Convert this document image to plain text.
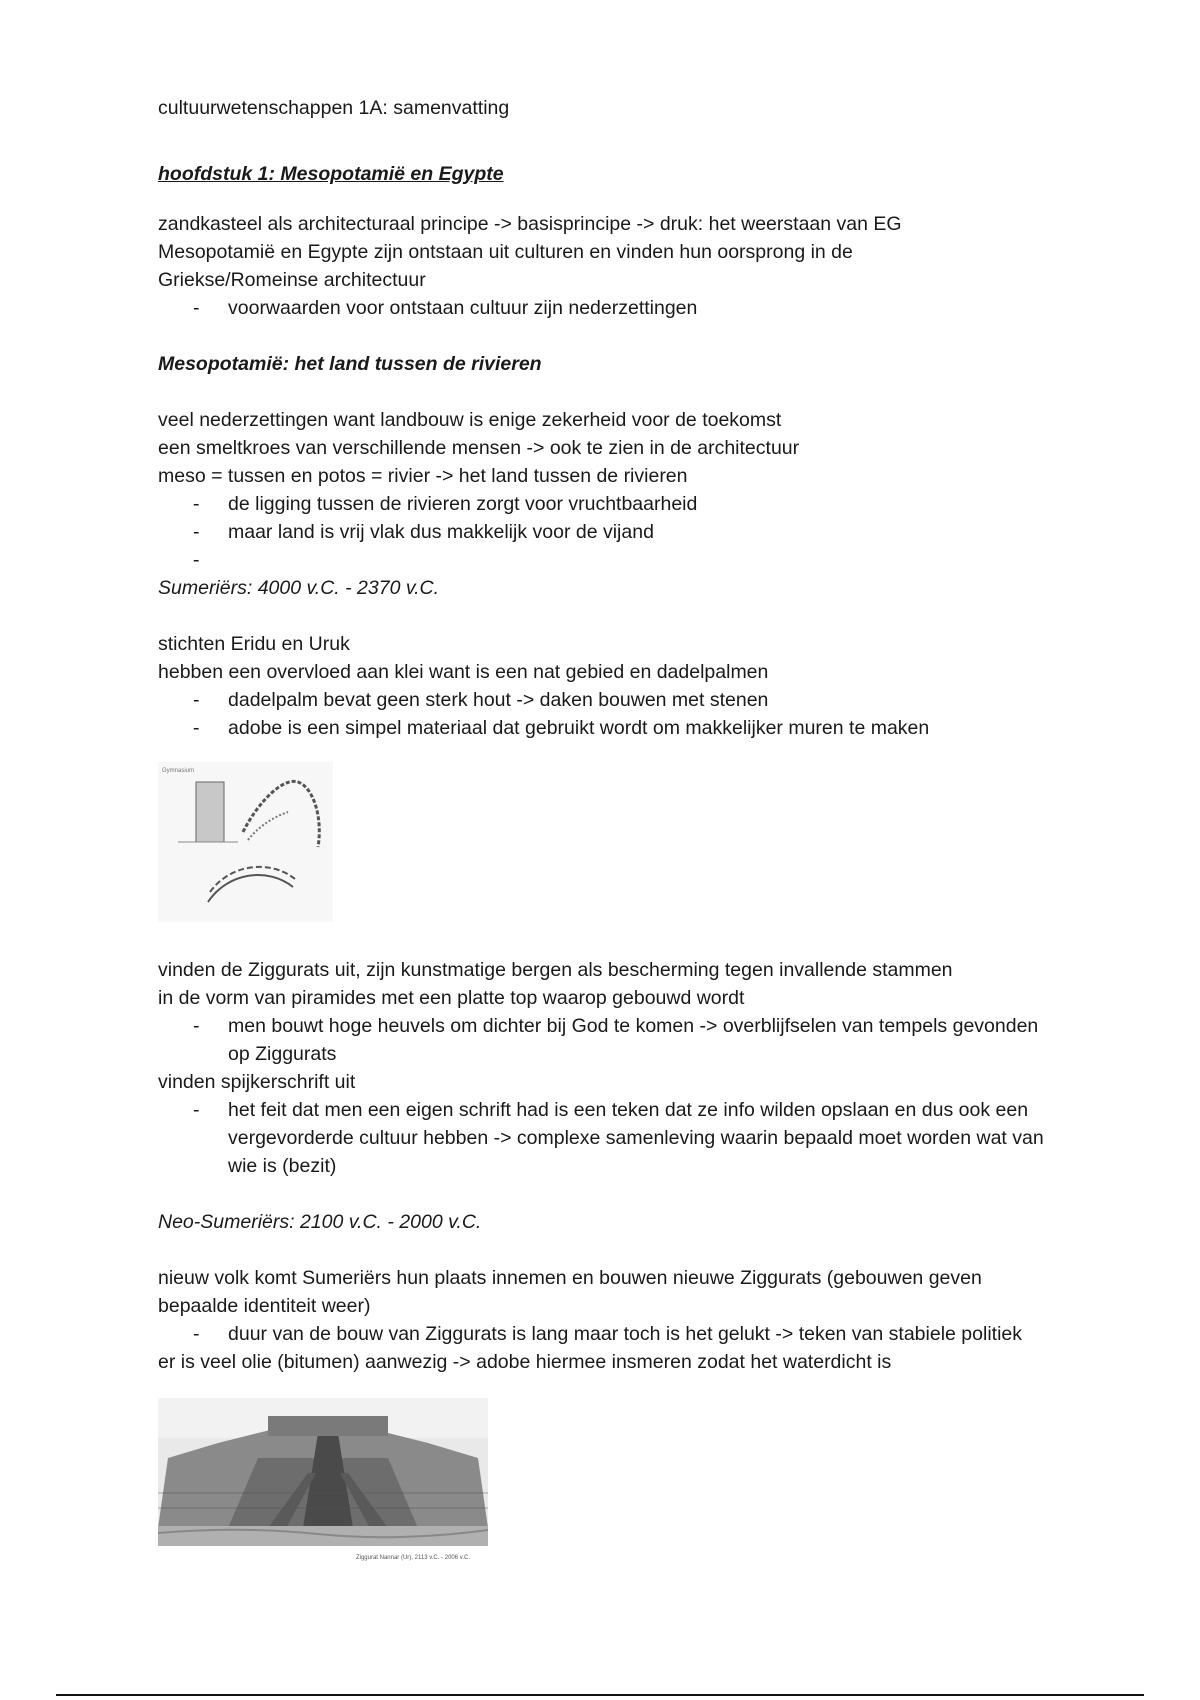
cultuurwetenschappen 1A: samenvatting

hoofdstuk 1: Mesopotamië en Egypte

zandkasteel als architecturaal principe -> basisprincipe -> druk: het weerstaan van EG

Mesopotamië en Egypte zijn ontstaan uit culturen en vinden hun oorsprong in de

Griekse/Romeinse architectuur

- voorwaarden voor ontstaan cultuur zijn nederzettingen

Mesopotamië: het land tussen de rivieren

veel nederzettingen want landbouw is enige zekerheid voor de toekomst

een smeltkroes van verschillende mensen -> ook te zien in de architectuur

meso = tussen en potos = rivier -> het land tussen de rivieren

- de ligging tussen de rivieren zorgt voor vruchtbaarheid
- maar land is vrij vlak dus makkelijk voor de vijand
-

Sumeriërs: 4000 v.C. - 2370 v.C.

stichten Eridu en Uruk

hebben een overvloed aan klei want is een nat gebied en dadelpalmen

- dadelpalm bevat geen sterk hout -> daken bouwen met stenen
- adobe is een simpel materiaal dat gebruikt wordt om makkelijker muren te maken
Gymnasium

vinden de Ziggurats uit, zijn kunstmatige bergen als bescherming tegen invallende stammen

in de vorm van piramides met een platte top waarop gebouwd wordt

- men bouwt hoge heuvels om dichter bij God te komen -> overblijfselen van tempels gevonden op Ziggurats

vinden spijkerschrift uit

- het feit dat men een eigen schrift had is een teken dat ze info wilden opslaan en dus ook een vergevorderde cultuur hebben -> complexe samenleving waarin bepaald moet worden wat van wie is (bezit)

Neo-Sumeriërs: 2100 v.C. - 2000 v.C.

nieuw volk komt Sumeriërs hun plaats innemen en bouwen nieuwe Ziggurats (gebouwen geven bepaalde identiteit weer)

- duur van de bouw van Ziggurats is lang maar toch is het gelukt -> teken van stabiele politiek

er is veel olie (bitumen) aanwezig -> adobe hiermee insmeren zodat het waterdicht is

Ziggurat Nannar (Ur), 2113 v.C. - 2006 v.C.
